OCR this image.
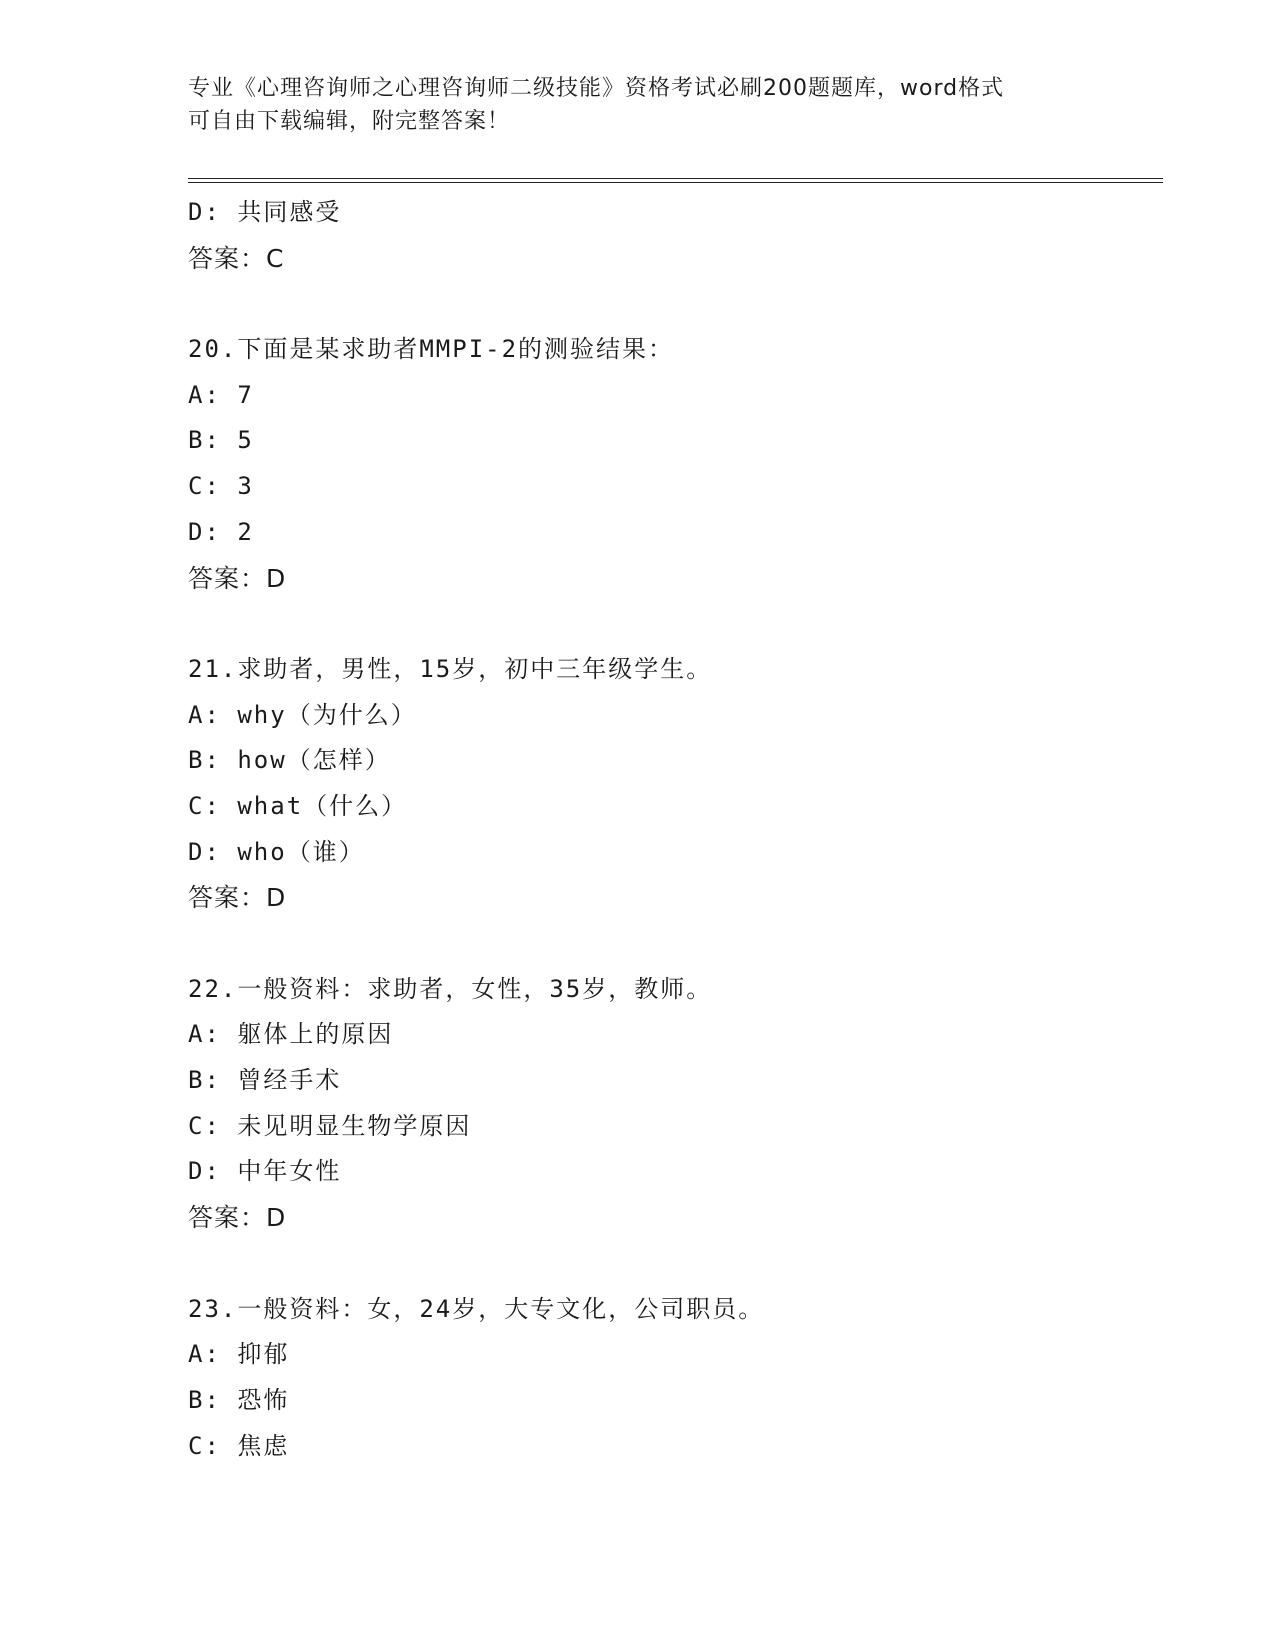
专业《心理咨询师之心理咨询师二级技能》资格考试必刷200题题库，word格式
可自由下载编辑，附完整答案！
D: 共同感受
答案：C
20.下面是某求助者MMPI-2的测验结果：
A: 7
B: 5
C: 3
D: 2
答案：D
21.求助者，男性，15岁，初中三年级学生。
A: why（为什么）
B: how（怎样）
C: what（什么）
D: who（谁）
答案：D
22.一般资料：求助者，女性，35岁，教师。
A: 躯体上的原因
B: 曾经手术
C: 未见明显生物学原因
D: 中年女性
答案：D
23.一般资料：女，24岁，大专文化，公司职员。
A: 抑郁
B: 恐怖
C: 焦虑
